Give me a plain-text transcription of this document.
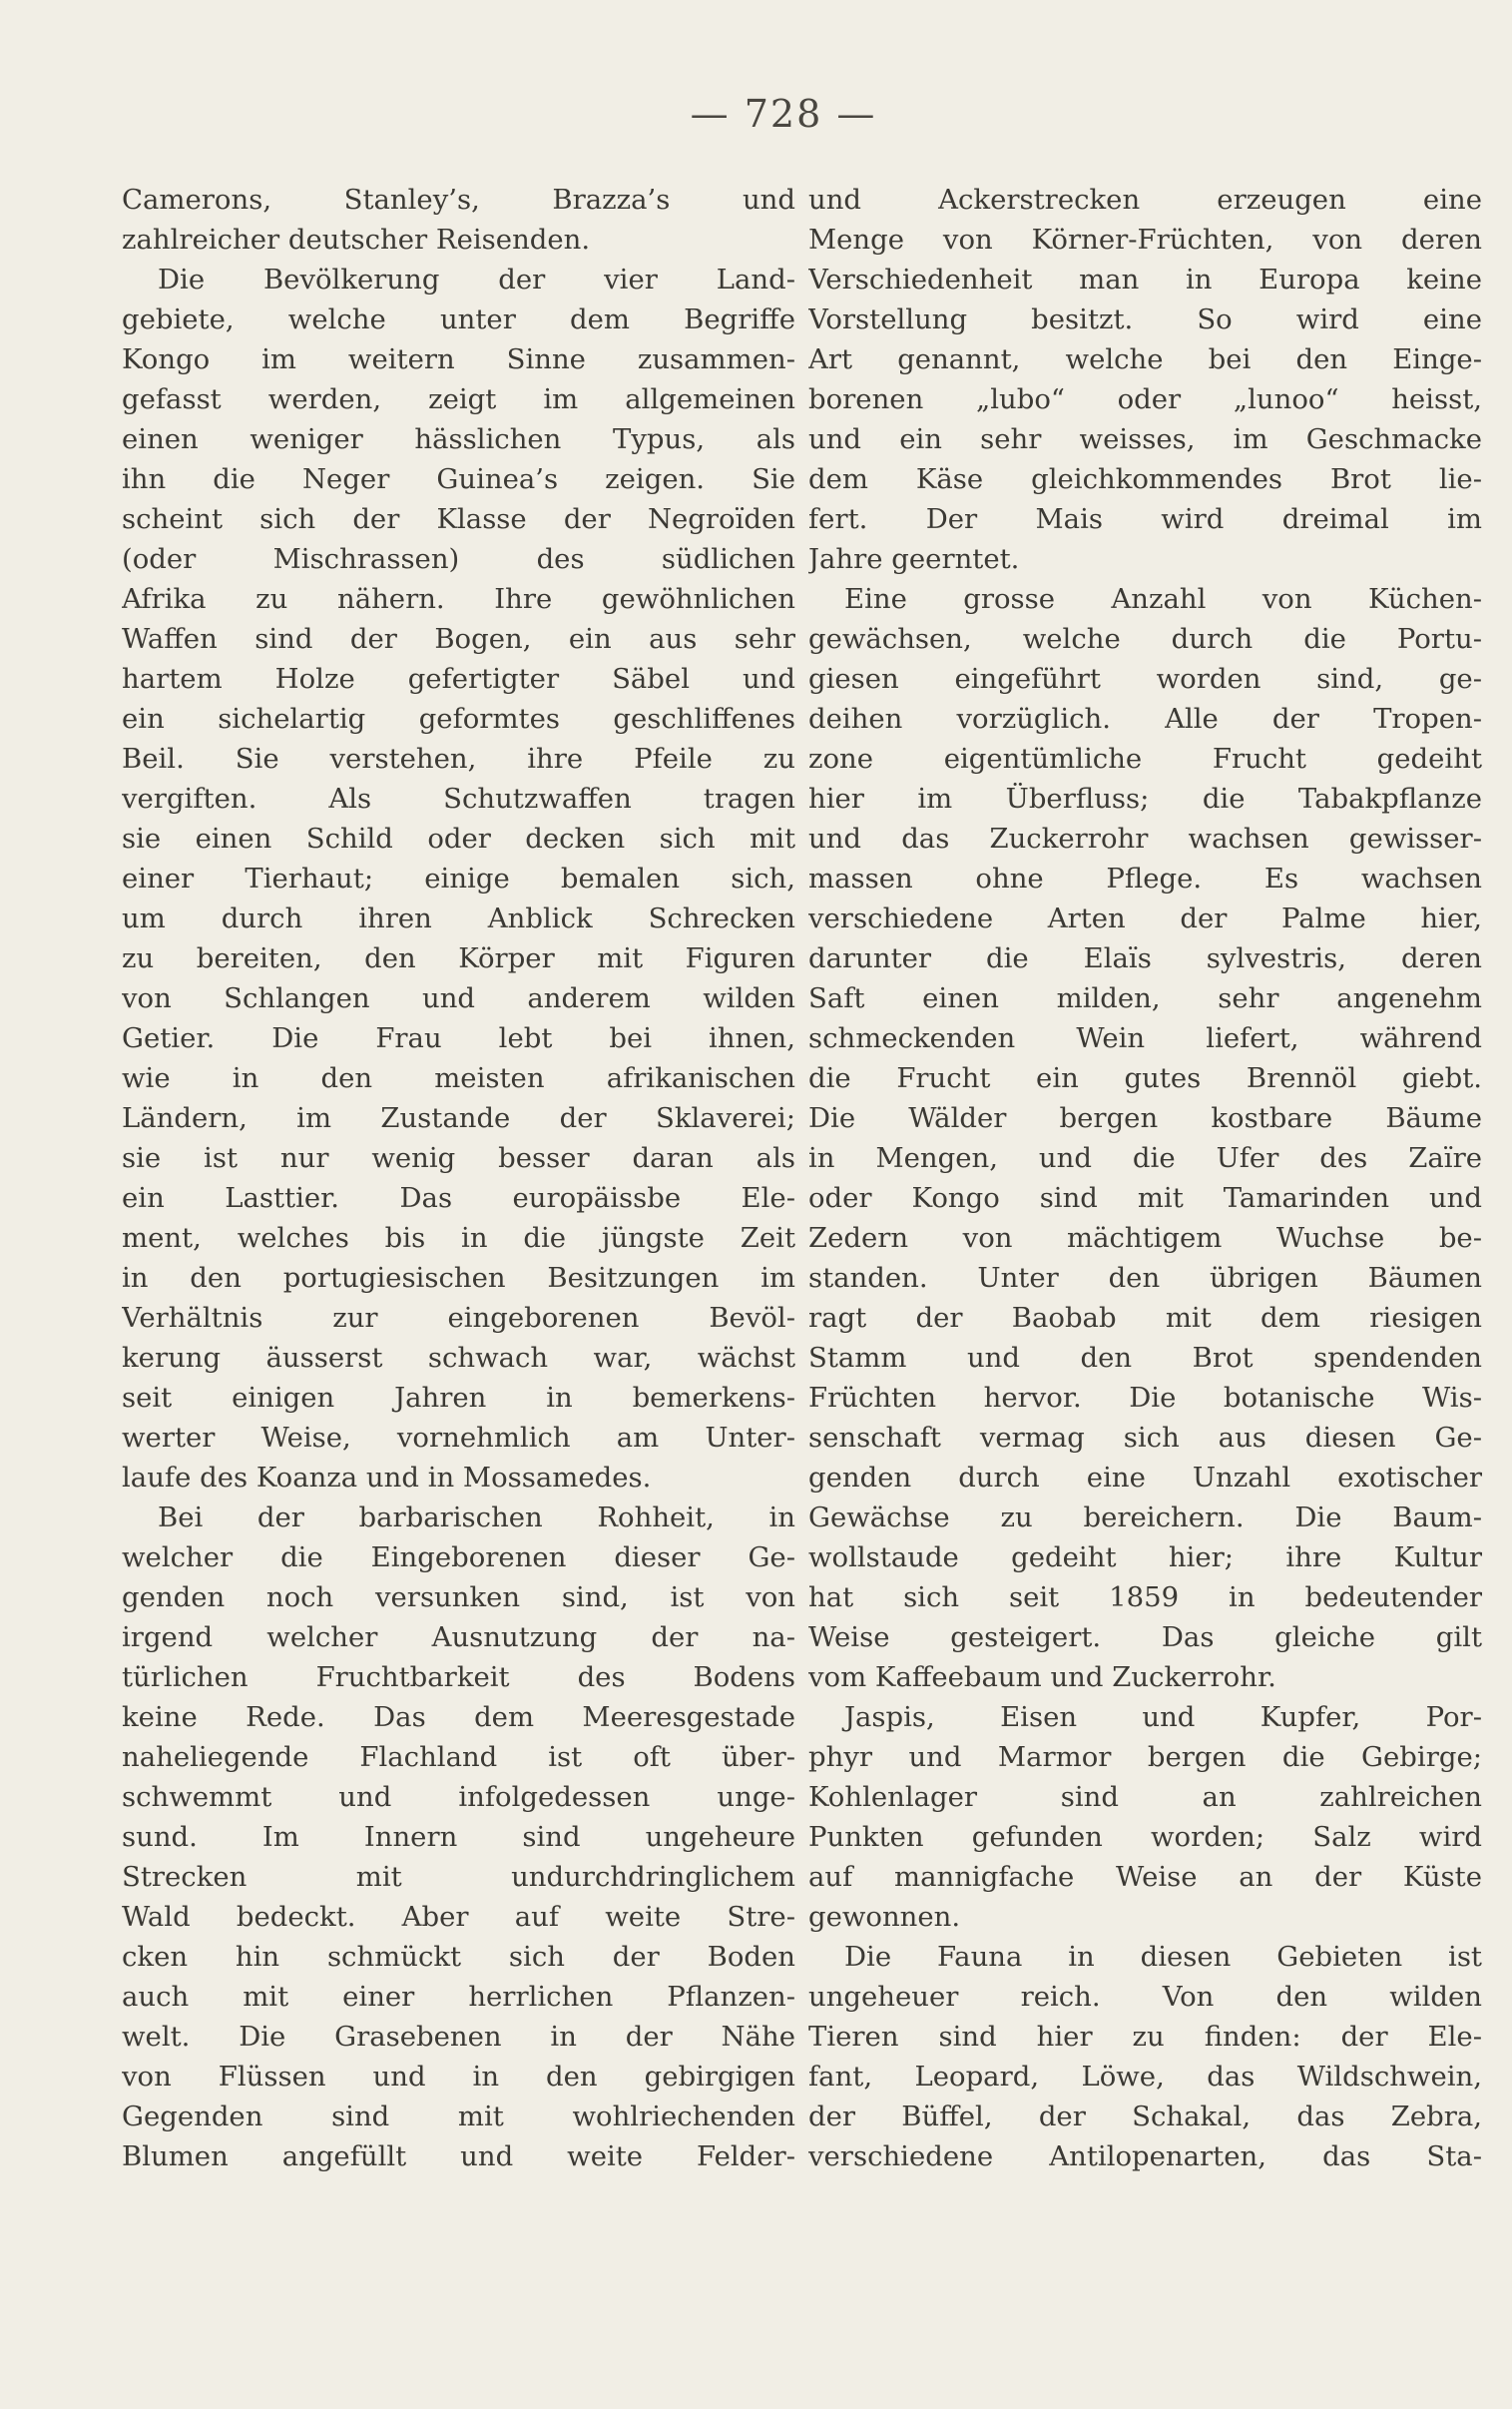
— 728 —
Camerons, Stanley’s, Brazza’s und
zahlreicher deutscher Reisenden.
Die Bevölkerung der vier Land-
gebiete, welche unter dem Begriffe
Kongo im weitern Sinne zusammen-
gefasst werden, zeigt im allgemeinen
einen weniger hässlichen Typus, als
ihn die Neger Guinea’s zeigen. Sie
scheint sich der Klasse der Negroïden
(oder Mischrassen) des südlichen
Afrika zu nähern. Ihre gewöhnlichen
Waffen sind der Bogen, ein aus sehr
hartem Holze gefertigter Säbel und
ein sichelartig geformtes geschliffenes
Beil. Sie verstehen, ihre Pfeile zu
vergiften. Als Schutzwaffen tragen
sie einen Schild oder decken sich mit
einer Tierhaut; einige bemalen sich,
um durch ihren Anblick Schrecken
zu bereiten, den Körper mit Figuren
von Schlangen und anderem wilden
Getier. Die Frau lebt bei ihnen,
wie in den meisten afrikanischen
Ländern, im Zustande der Sklaverei;
sie ist nur wenig besser daran als
ein Lasttier. Das europäissbe Ele-
ment, welches bis in die jüngste Zeit
in den portugiesischen Besitzungen im
Verhältnis zur eingeborenen Bevöl-
kerung äusserst schwach war, wächst
seit einigen Jahren in bemerkens-
werter Weise, vornehmlich am Unter-
laufe des Koanza und in Mossamedes.
Bei der barbarischen Rohheit, in
welcher die Eingeborenen dieser Ge-
genden noch versunken sind, ist von
irgend welcher Ausnutzung der na-
türlichen Fruchtbarkeit des Bodens
keine Rede. Das dem Meeresgestade
naheliegende Flachland ist oft über-
schwemmt und infolgedessen unge-
sund. Im Innern sind ungeheure
Strecken mit undurchdringlichem
Wald bedeckt. Aber auf weite Stre-
cken hin schmückt sich der Boden
auch mit einer herrlichen Pflanzen-
welt. Die Grasebenen in der Nähe
von Flüssen und in den gebirgigen
Gegenden sind mit wohlriechenden
Blumen angefüllt und weite Felder-
und Ackerstrecken erzeugen eine
Menge von Körner-Früchten, von deren
Verschiedenheit man in Europa keine
Vorstellung besitzt. So wird eine
Art genannt, welche bei den Einge-
borenen „lubo“ oder „lunoo“ heisst,
und ein sehr weisses, im Geschmacke
dem Käse gleichkommendes Brot lie-
fert. Der Mais wird dreimal im
Jahre geerntet.
Eine grosse Anzahl von Küchen-
gewächsen, welche durch die Portu-
giesen eingeführt worden sind, ge-
deihen vorzüglich. Alle der Tropen-
zone eigentümliche Frucht gedeiht
hier im Überfluss; die Tabakpflanze
und das Zuckerrohr wachsen gewisser-
massen ohne Pflege. Es wachsen
verschiedene Arten der Palme hier,
darunter die Elaïs sylvestris, deren
Saft einen milden, sehr angenehm
schmeckenden Wein liefert, während
die Frucht ein gutes Brennöl giebt.
Die Wälder bergen kostbare Bäume
in Mengen, und die Ufer des Zaïre
oder Kongo sind mit Tamarinden und
Zedern von mächtigem Wuchse be-
standen. Unter den übrigen Bäumen
ragt der Baobab mit dem riesigen
Stamm und den Brot spendenden
Früchten hervor. Die botanische Wis-
senschaft vermag sich aus diesen Ge-
genden durch eine Unzahl exotischer
Gewächse zu bereichern. Die Baum-
wollstaude gedeiht hier; ihre Kultur
hat sich seit 1859 in bedeutender
Weise gesteigert. Das gleiche gilt
vom Kaffeebaum und Zuckerrohr.
Jaspis, Eisen und Kupfer, Por-
phyr und Marmor bergen die Gebirge;
Kohlenlager sind an zahlreichen
Punkten gefunden worden; Salz wird
auf mannigfache Weise an der Küste
gewonnen.
Die Fauna in diesen Gebieten ist
ungeheuer reich. Von den wilden
Tieren sind hier zu finden: der Ele-
fant, Leopard, Löwe, das Wildschwein,
der Büffel, der Schakal, das Zebra,
verschiedene Antilopenarten, das Sta-
